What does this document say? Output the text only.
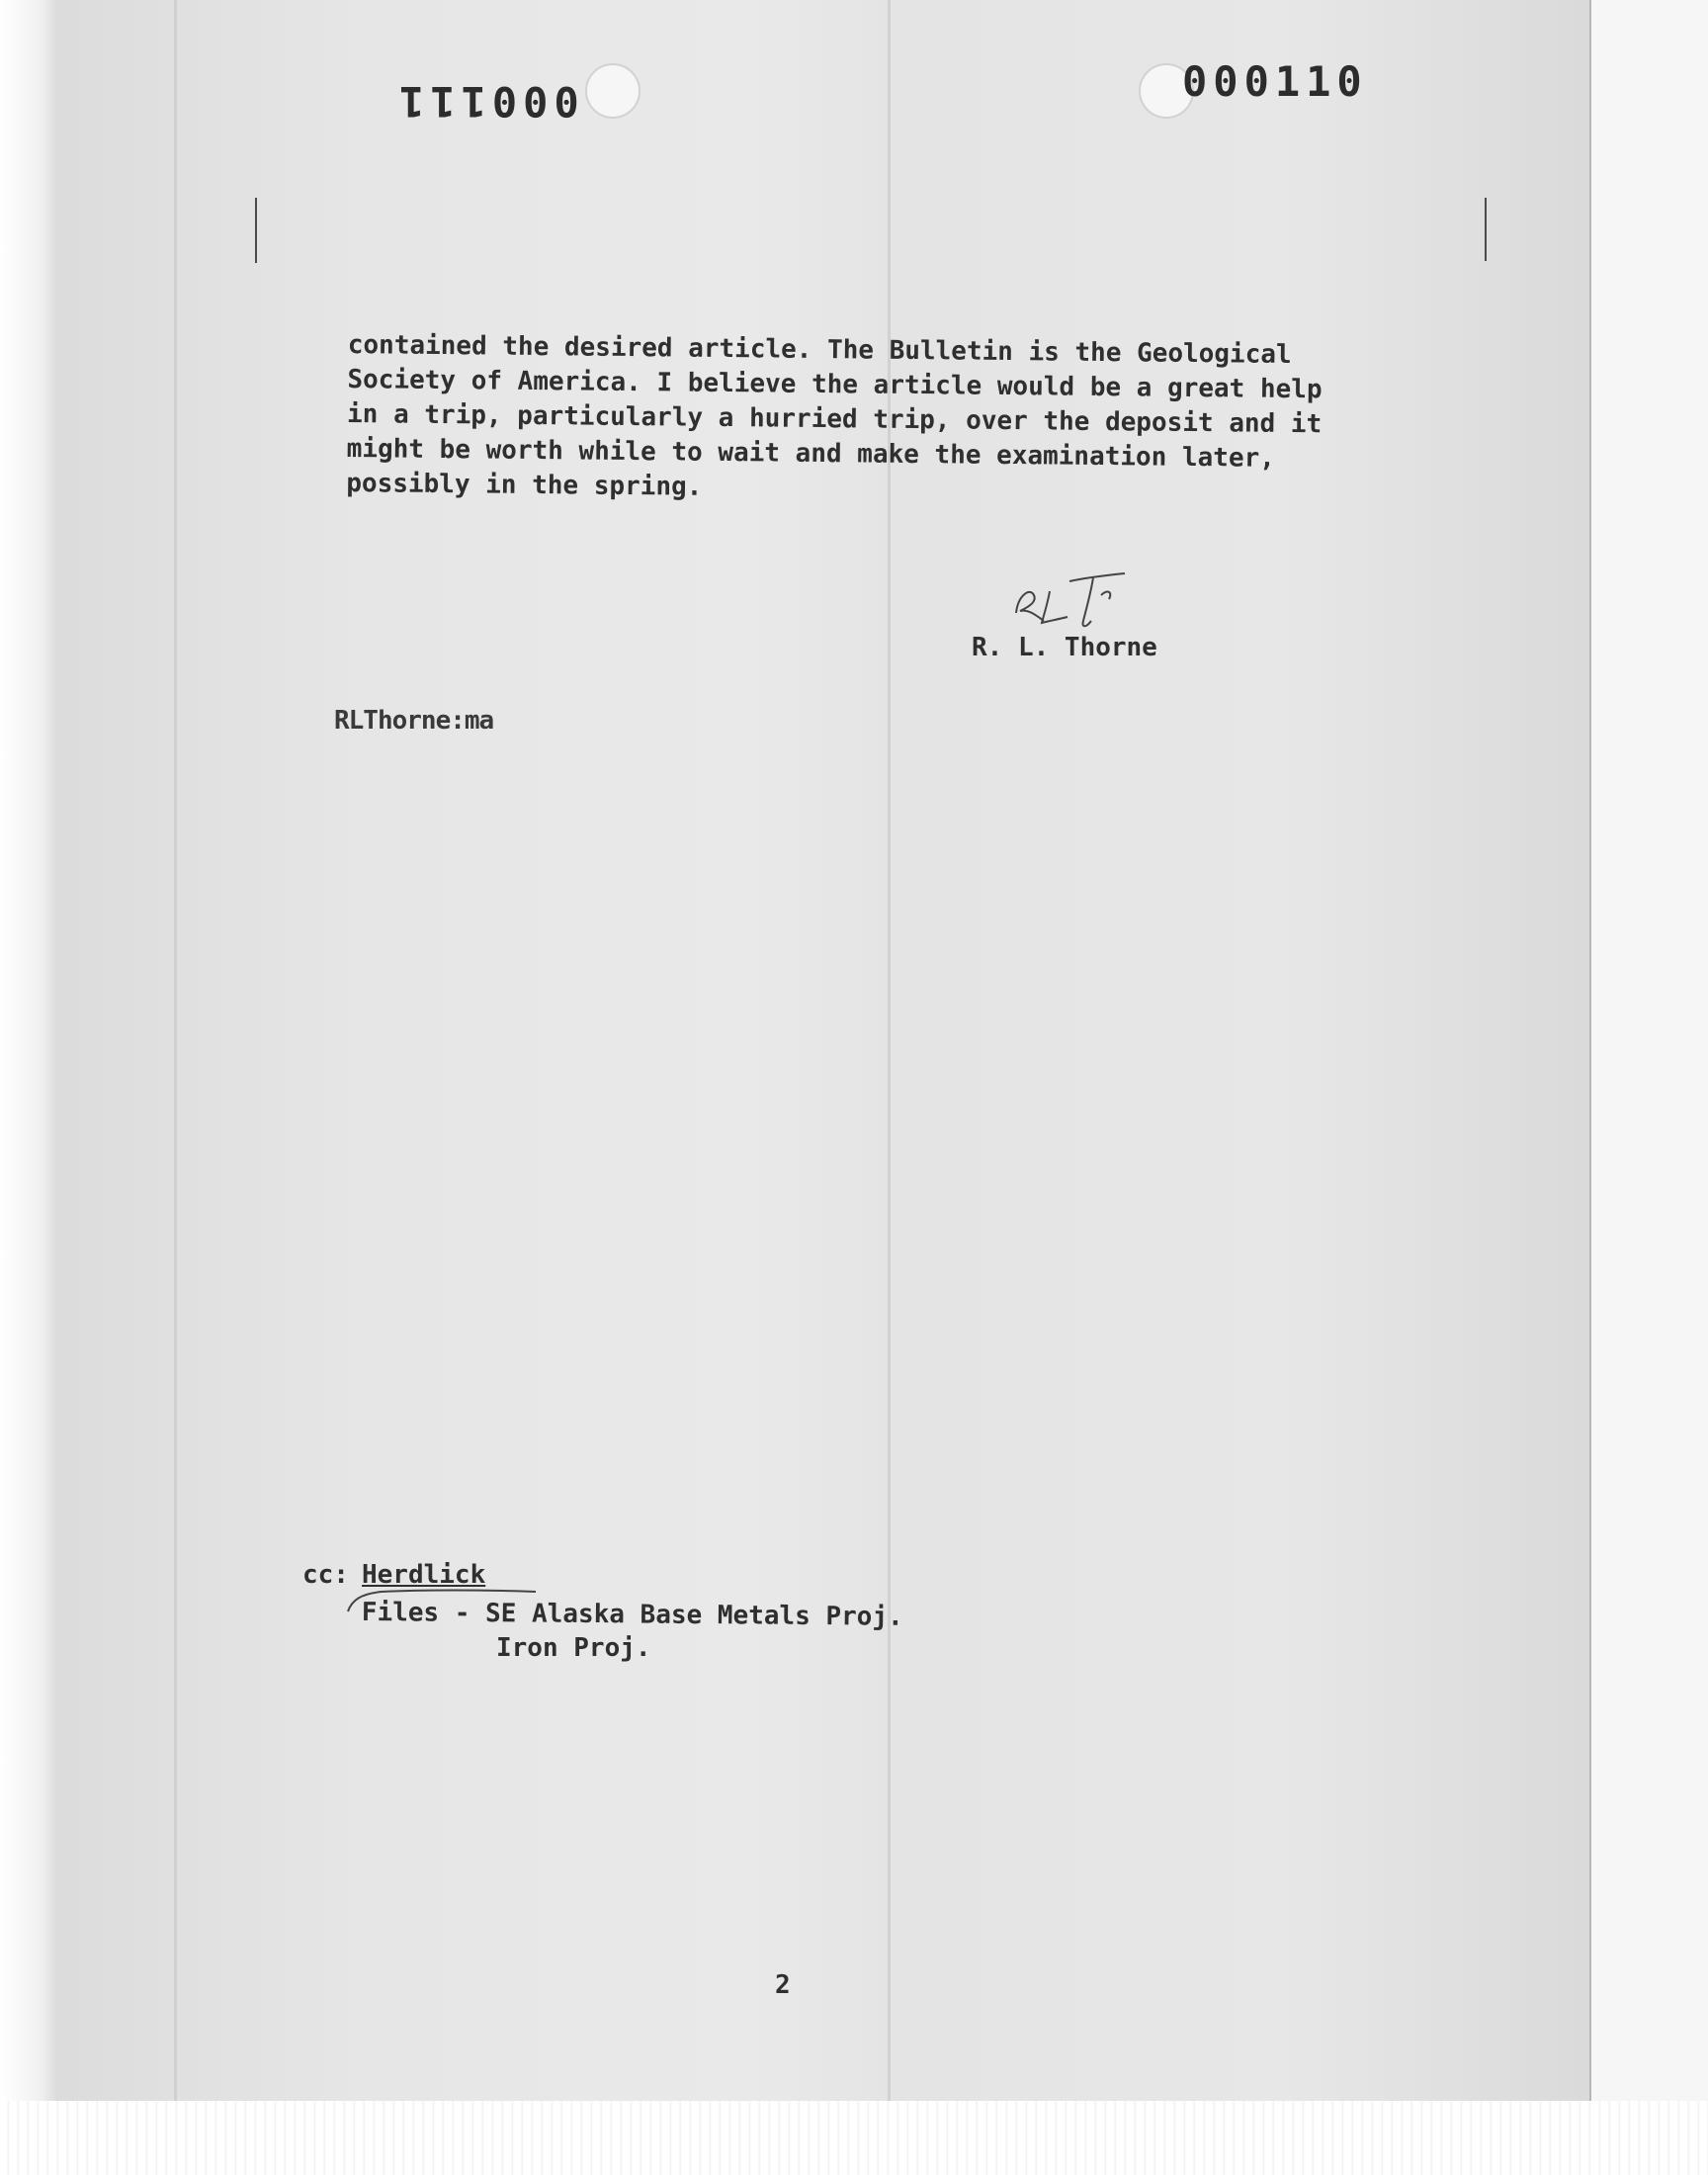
000111	000110
contained the desired article. The Bulletin is the Geological
Society of America. I believe the article would be a great help
in a trip, particularly a hurried trip, over the deposit and it
might be worth while to wait and make the examination later,
possibly in the spring.
R. L. Thorne
RLThorne:ma
cc: Herdlick
Files - SE Alaska Base Metals Proj.
Iron Proj.
2
